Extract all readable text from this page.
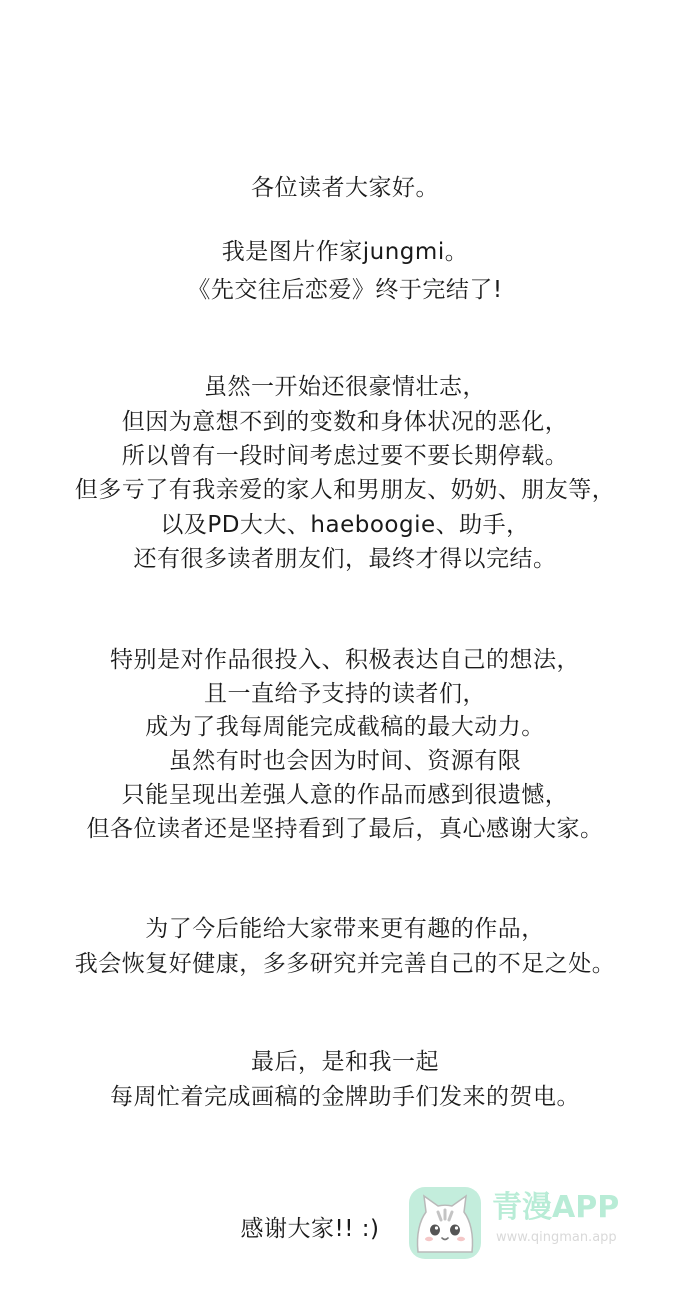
各位读者大家好。
我是图片作家jungmi。
《先交往后恋爱》终于完结了!
虽然一开始还很豪情壮志，
但因为意想不到的变数和身体状况的恶化，
所以曾有一段时间考虑过要不要长期停载。
但多亏了有我亲爱的家人和男朋友、奶奶、朋友等，
以及PD大大、haeboogie、助手，
还有很多读者朋友们，最终才得以完结。
特别是对作品很投入、积极表达自己的想法，
且一直给予支持的读者们，
成为了我每周能完成截稿的最大动力。
虽然有时也会因为时间、资源有限
只能呈现出差强人意的作品而感到很遗憾，
但各位读者还是坚持看到了最后，真心感谢大家。
为了今后能给大家带来更有趣的作品，
我会恢复好健康，多多研究并完善自己的不足之处。
最后，是和我一起
每周忙着完成画稿的金牌助手们发来的贺电。
感谢大家!! :)
青漫APP
www.qingman.app
